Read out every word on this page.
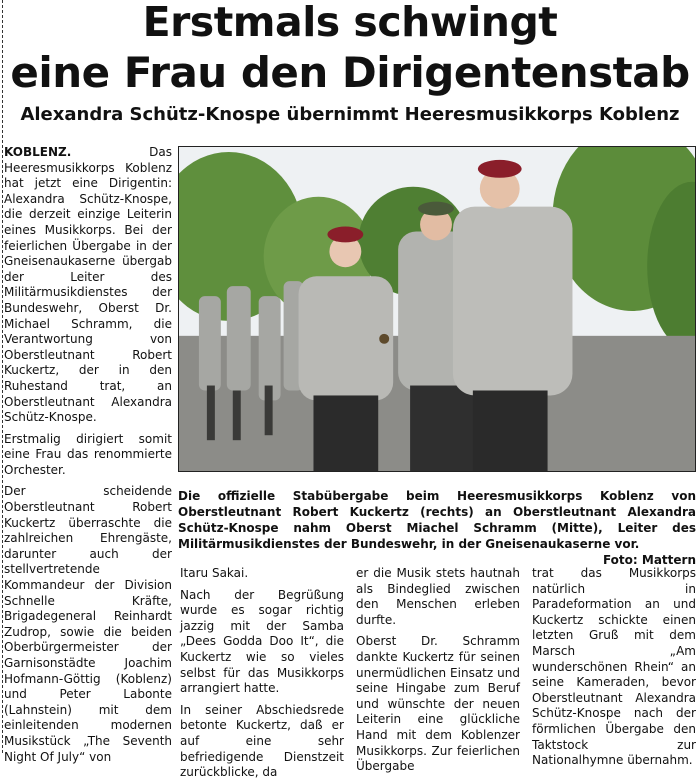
Erstmals schwingt
eine Frau den Dirigentenstab
Alexandra Schütz-Knospe übernimmt Heeresmusikkorps Koblenz

KOBLENZ.	Das Heeresmusikkorps Koblenz hat jetzt eine Dirigentin: Alexandra Schütz-Knospe, die derzeit einzige Leiterin eines Musikkorps. Bei der feierlichen Übergabe in der Gneisenaukaserne übergab der Leiter des Militärmusikdienstes der Bundeswehr, Oberst Dr. Michael Schramm, die Verantwortung von Oberstleutnant Robert Kuckertz, der in den Ruhestand trat, an Oberstleutnant Alexandra Schütz-Knospe.

Erstmalig dirigiert somit eine Frau das renommierte Orchester.

Der scheidende Oberstleutnant Robert Kuckertz überraschte die zahlreichen Ehrengäste, darunter auch der stellvertretende Kommandeur der Division Schnelle Kräfte, Brigadegeneral Reinhardt Zudrop, sowie die beiden Oberbürgermeister der Garnisonstädte Joachim Hofmann-Göttig (Koblenz) und Peter Labonte (Lahnstein) mit dem einleitenden modernen Musikstück „The Seventh Night Of July“ von

Die offizielle Stabübergabe beim Heeresmusikkorps Koblenz von Oberstleutnant Robert Kuckertz (rechts) an Oberstleutnant Alexandra Schütz-Knospe nahm Oberst Miachel Schramm (Mitte), Leiter des Militärmusikdienstes der Bundeswehr, in der Gneisenaukaserne vor.
Foto: Mattern

Itaru Sakai.

Nach der Begrüßung wurde es sogar richtig jazzig mit der Samba „Dees Godda Doo It“, die Kuckertz wie so vieles selbst für das Musikkorps arrangiert hatte.

In seiner Abschiedsrede betonte Kuckertz, daß er auf eine sehr befriedigende Dienstzeit zurückblicke, da

er die Musik stets hautnah als Bindeglied zwischen den Menschen erleben durfte.

Oberst Dr. Schramm dankte Kuckertz für seinen unermüdlichen Einsatz und seine Hingabe zum Beruf und wünschte der neuen Leiterin eine glückliche Hand mit dem Koblenzer Musikkorps. Zur feierlichen Übergabe

trat das Musikkorps natürlich in Paradeformation an und Kuckertz schickte einen letzten Gruß mit dem Marsch „Am wunderschönen Rhein“ an seine Kameraden, bevor Oberstleutnant Alexandra Schütz-Knospe nach der förmlichen Übergabe den Taktstock zur Nationalhymne übernahm.
